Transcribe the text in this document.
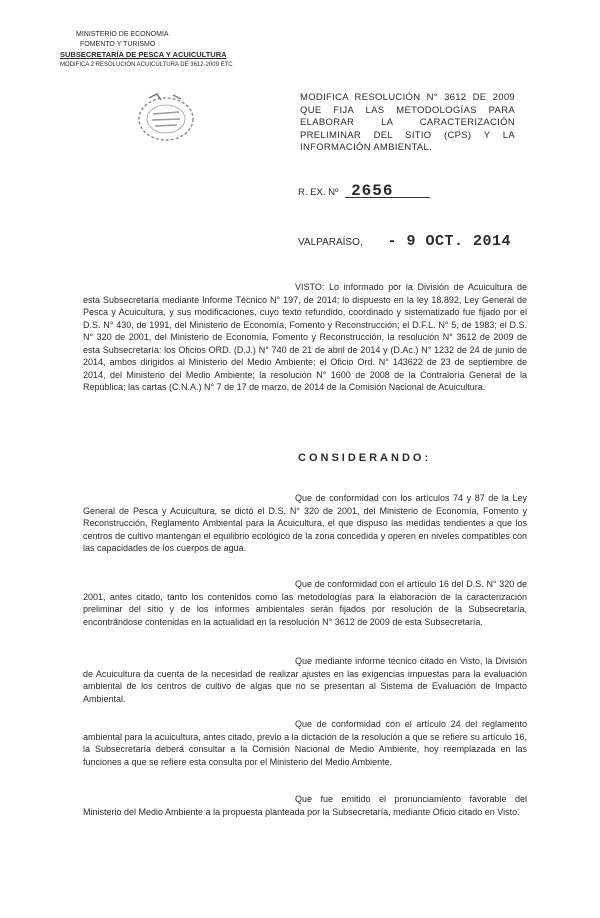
MINISTERIO DE ECONOMÍA
FOMENTO Y TURISMO
SUBSECRETARÍA DE PESCA Y ACUICULTURA
MODIFICA 2 RESOLUCIÓN ACUICULTURA DE 3612-2009 ETC

MODIFICA RESOLUCIÓN N° 3612 DE 2009 QUE FIJA LAS METODOLOGÍAS PARA ELABORAR LA CARACTERIZACIÓN PRELIMINAR DEL SITIO (CPS) Y LA INFORMACIÓN AMBIENTAL.

R. EX. Nº 2656
VALPARAÍSO, - 9 OCT. 2014

VISTO: Lo informado por la División de Acuicultura de esta Subsecretaría mediante Informe Técnico N° 197, de 2014; lo dispuesto en la ley 18.892, Ley General de Pesca y Acuicultura, y sus modificaciones, cuyo texto refundido, coordinado y sistematizado fue fijado por el D.S. N° 430, de 1991, del Ministerio de Economía, Fomento y Reconstrucción; el D.F.L. N° 5, de 1983; el D.S. N° 320 de 2001, del Ministerio de Economía, Fomento y Reconstrucción, la resolución N° 3612 de 2009 de esta Subsecretaría: los Oficios ORD. (D.J.) N° 740 de 21 de abril de 2014 y (D.Ac.) N° 1232 de 24 de junio de 2014, ambos dirigidos al Ministerio del Medio Ambiente; el Oficio Ord. N° 143622 de 23 de septiembre de 2014, del Ministerio del Medio Ambiente; la resolución N° 1600 de 2008 de la Contraloría General de la República; las cartas (C.N.A.) N° 7 de 17 de marzo, de 2014 de la Comisión Nacional de Acuicultura.

CONSIDERANDO:

Que de conformidad con los artículos 74 y 87 de la Ley General de Pesca y Acuicultura, se dictó el D.S. N° 320 de 2001, del Ministerio de Economía, Fomento y Reconstrucción, Reglamento Ambiental para la Acuicultura, el que dispuso las medidas tendientes a que los centros de cultivo mantengan el equilibrio ecológico de la zona concedida y operen en niveles compatibles con las capacidades de los cuerpos de agua.

Que de conformidad con el artículo 16 del D.S. N° 320 de 2001, antes citado, tanto los contenidos como las metodologías para la elaboración de la caracterización preliminar del sitio y de los informes ambientales serán fijados por resolución de la Subsecretaría, encontrándose contenidas en la actualidad en la resolución N° 3612 de 2009 de esta Subsecretaría.

Que mediante informe técnico citado en Visto, la División de Acuicultura da cuenta de la necesidad de realizar ajustes en las exigencias impuestas para la evaluación ambiental de los centros de cultivo de algas que no se presentan al Sistema de Evaluación de Impacto Ambiental.

Que de conformidad con el artículo 24 del reglamento ambiental para la acuicultura, antes citado, previo a la dictación de la resolución a que se refiere su artículo 16, la Subsecretaría deberá consultar a la Comisión Nacional de Medio Ambiente, hoy reemplazada en las funciones a que se refiere esta consulta por el Ministerio del Medio Ambiente.

Que fue emitido el pronunciamiento favorable del Ministerio del Medio Ambiente a la propuesta planteada por la Subsecretaría, mediante Oficio citado en Visto.
